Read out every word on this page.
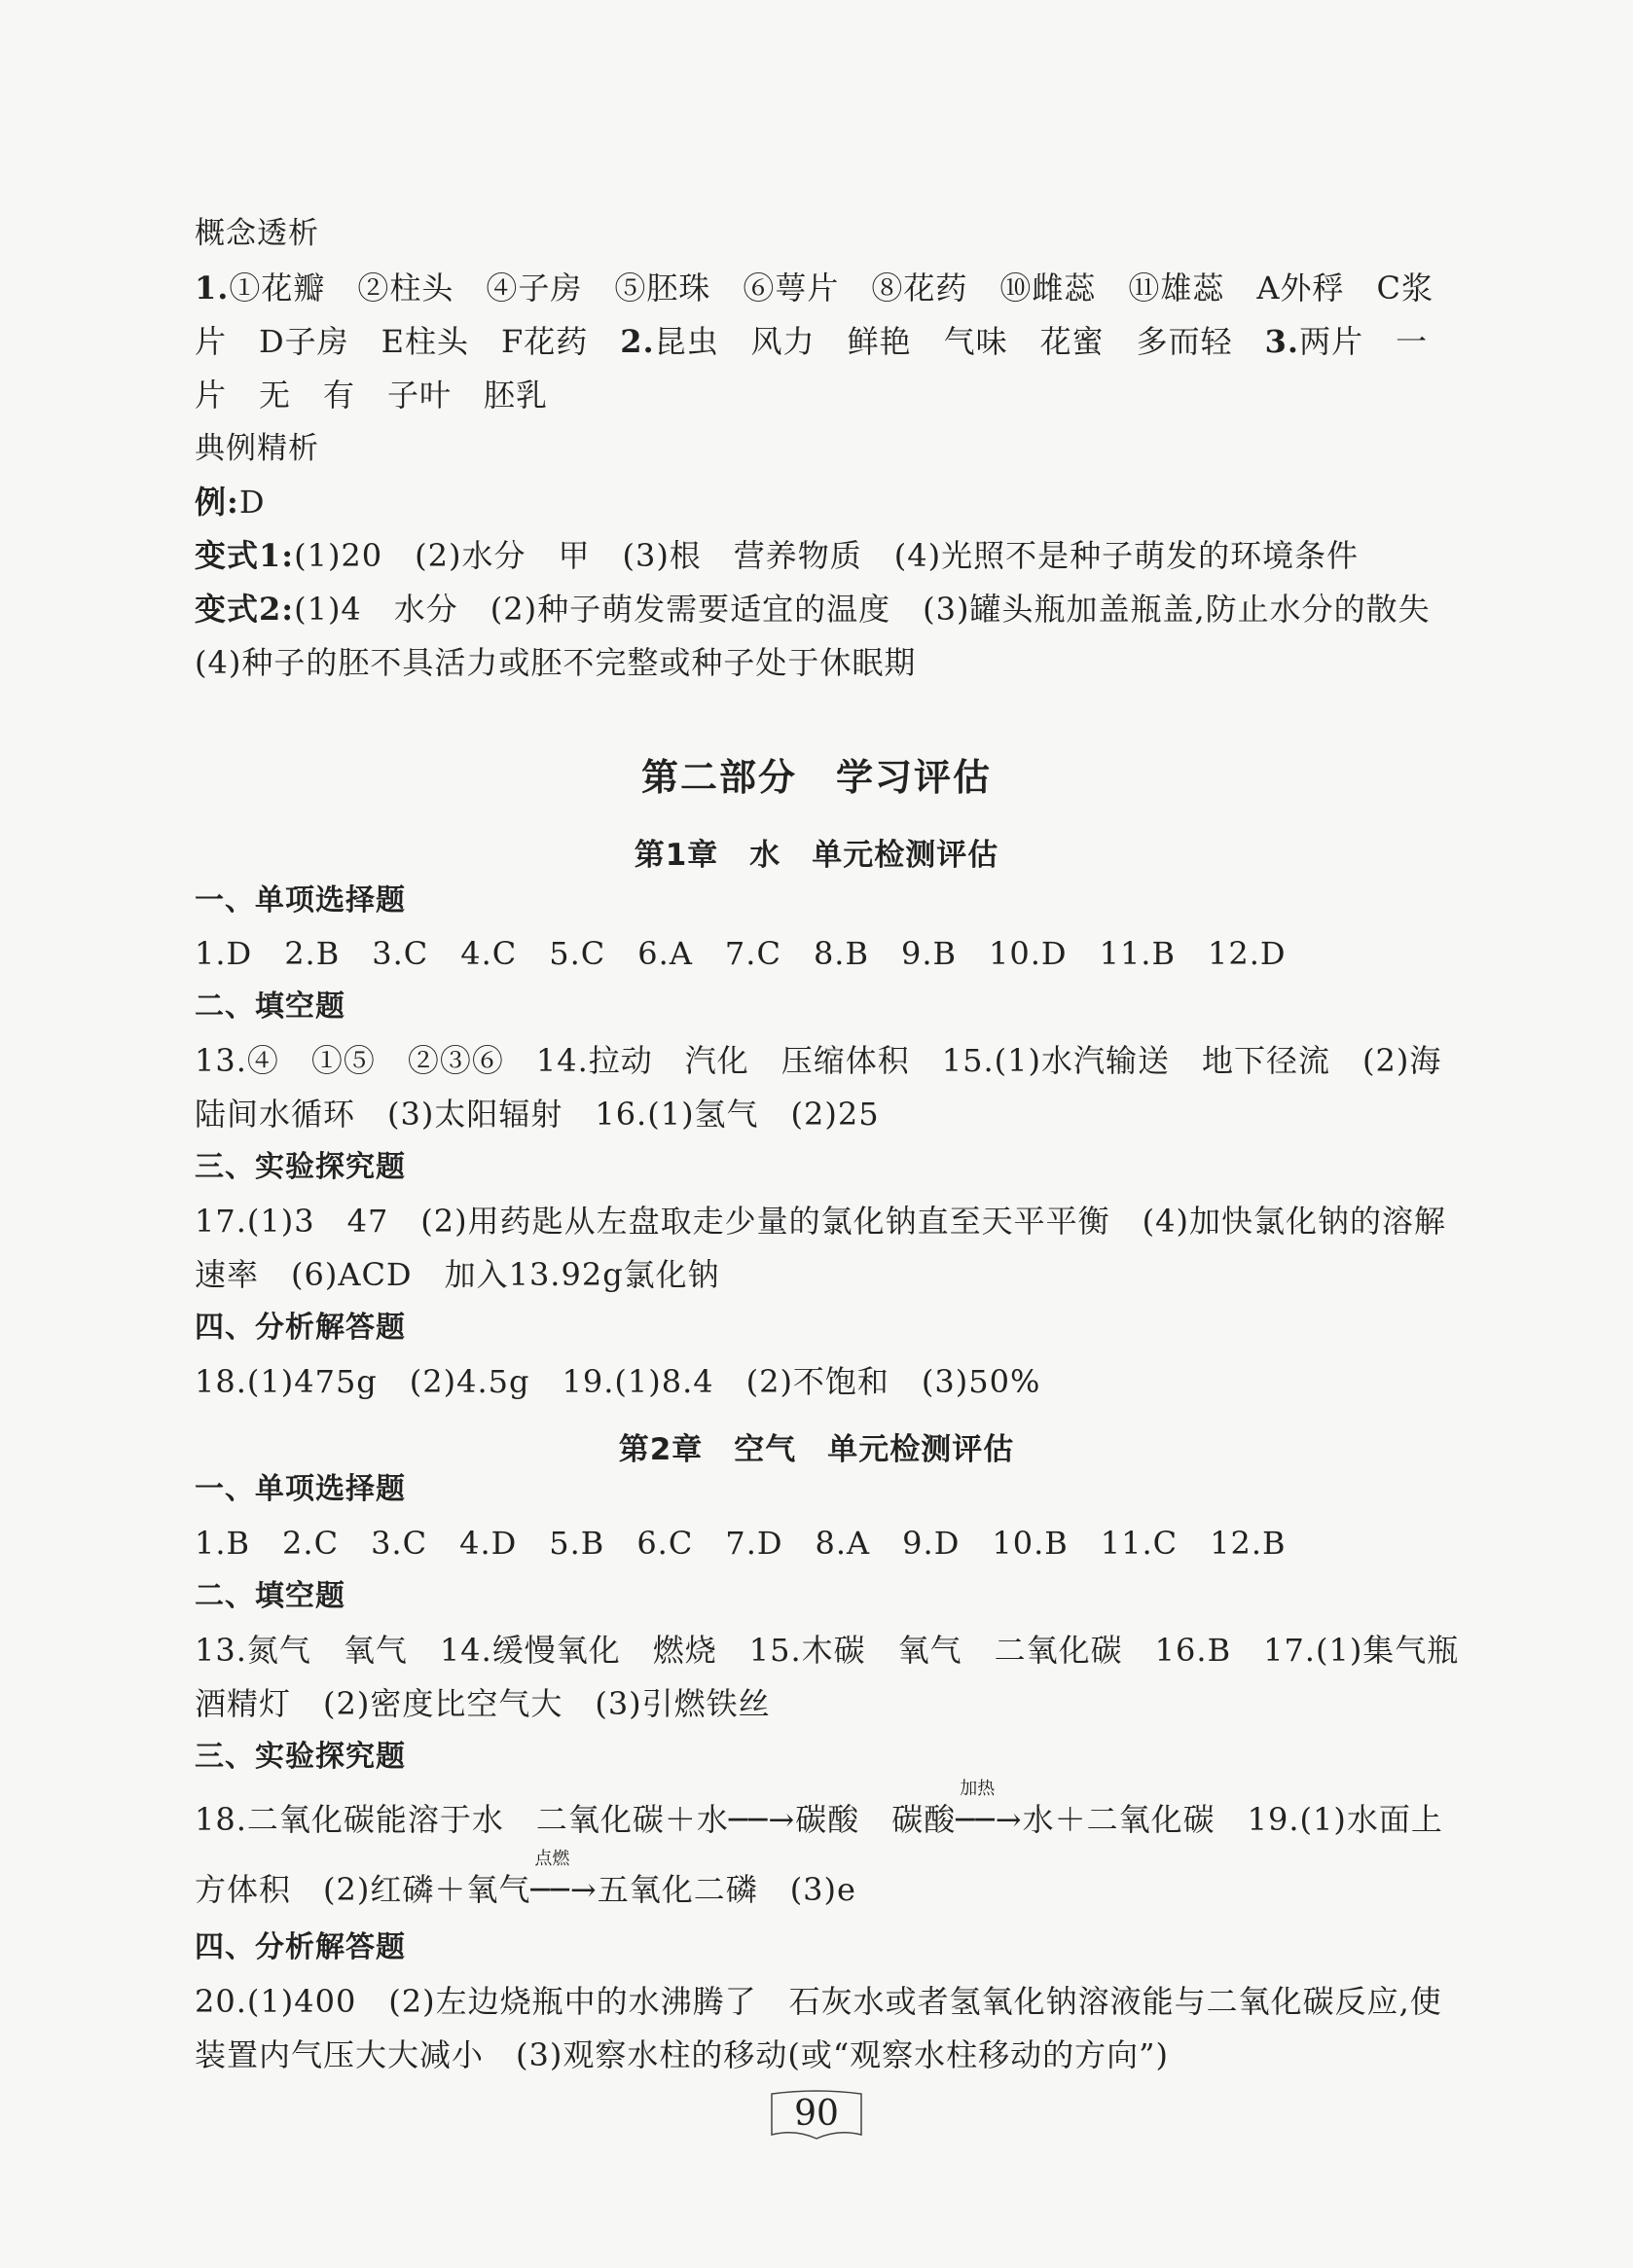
概念透析
1.①花瓣　②柱头　④子房　⑤胚珠　⑥萼片　⑧花药　⑩雌蕊　⑪雄蕊　A外稃　C浆
片　D子房　E柱头　F花药　2.昆虫　风力　鲜艳　气味　花蜜　多而轻　3.两片　一
片　无　有　子叶　胚乳
典例精析
例:D
变式1:(1)20　(2)水分　甲　(3)根　营养物质　(4)光照不是种子萌发的环境条件
变式2:(1)4　水分　(2)种子萌发需要适宜的温度　(3)罐头瓶加盖瓶盖,防止水分的散失
(4)种子的胚不具活力或胚不完整或种子处于休眠期
第二部分　学习评估
第1章　水　单元检测评估
一、单项选择题
1.D　2.B　3.C　4.C　5.C　6.A　7.C　8.B　9.B　10.D　11.B　12.D
二、填空题
13.④　①⑤　②③⑥　14.拉动　汽化　压缩体积　15.(1)水汽输送　地下径流　(2)海
陆间水循环　(3)太阳辐射　16.(1)氢气　(2)25
三、实验探究题
17.(1)3　47　(2)用药匙从左盘取走少量的氯化钠直至天平平衡　(4)加快氯化钠的溶解
速率　(6)ACD　加入13.92g氯化钠
四、分析解答题
18.(1)475g　(2)4.5g　19.(1)8.4　(2)不饱和　(3)50%
第2章　空气　单元检测评估
一、单项选择题
1.B　2.C　3.C　4.D　5.B　6.C　7.D　8.A　9.D　10.B　11.C　12.B
二、填空题
13.氮气　氧气　14.缓慢氧化　燃烧　15.木碳　氧气　二氧化碳　16.B　17.(1)集气瓶
酒精灯　(2)密度比空气大　(3)引燃铁丝
三、实验探究题
18.二氧化碳能溶于水　二氧化碳＋水──→碳酸　碳酸
加热
──→水＋二氧化碳　19.(1)水面上
方体积　(2)红磷＋氧气
点燃
──→五氧化二磷　(3)e
四、分析解答题
20.(1)400　(2)左边烧瓶中的水沸腾了　石灰水或者氢氧化钠溶液能与二氧化碳反应,使
装置内气压大大减小　(3)观察水柱的移动(或“观察水柱移动的方向”)
90
